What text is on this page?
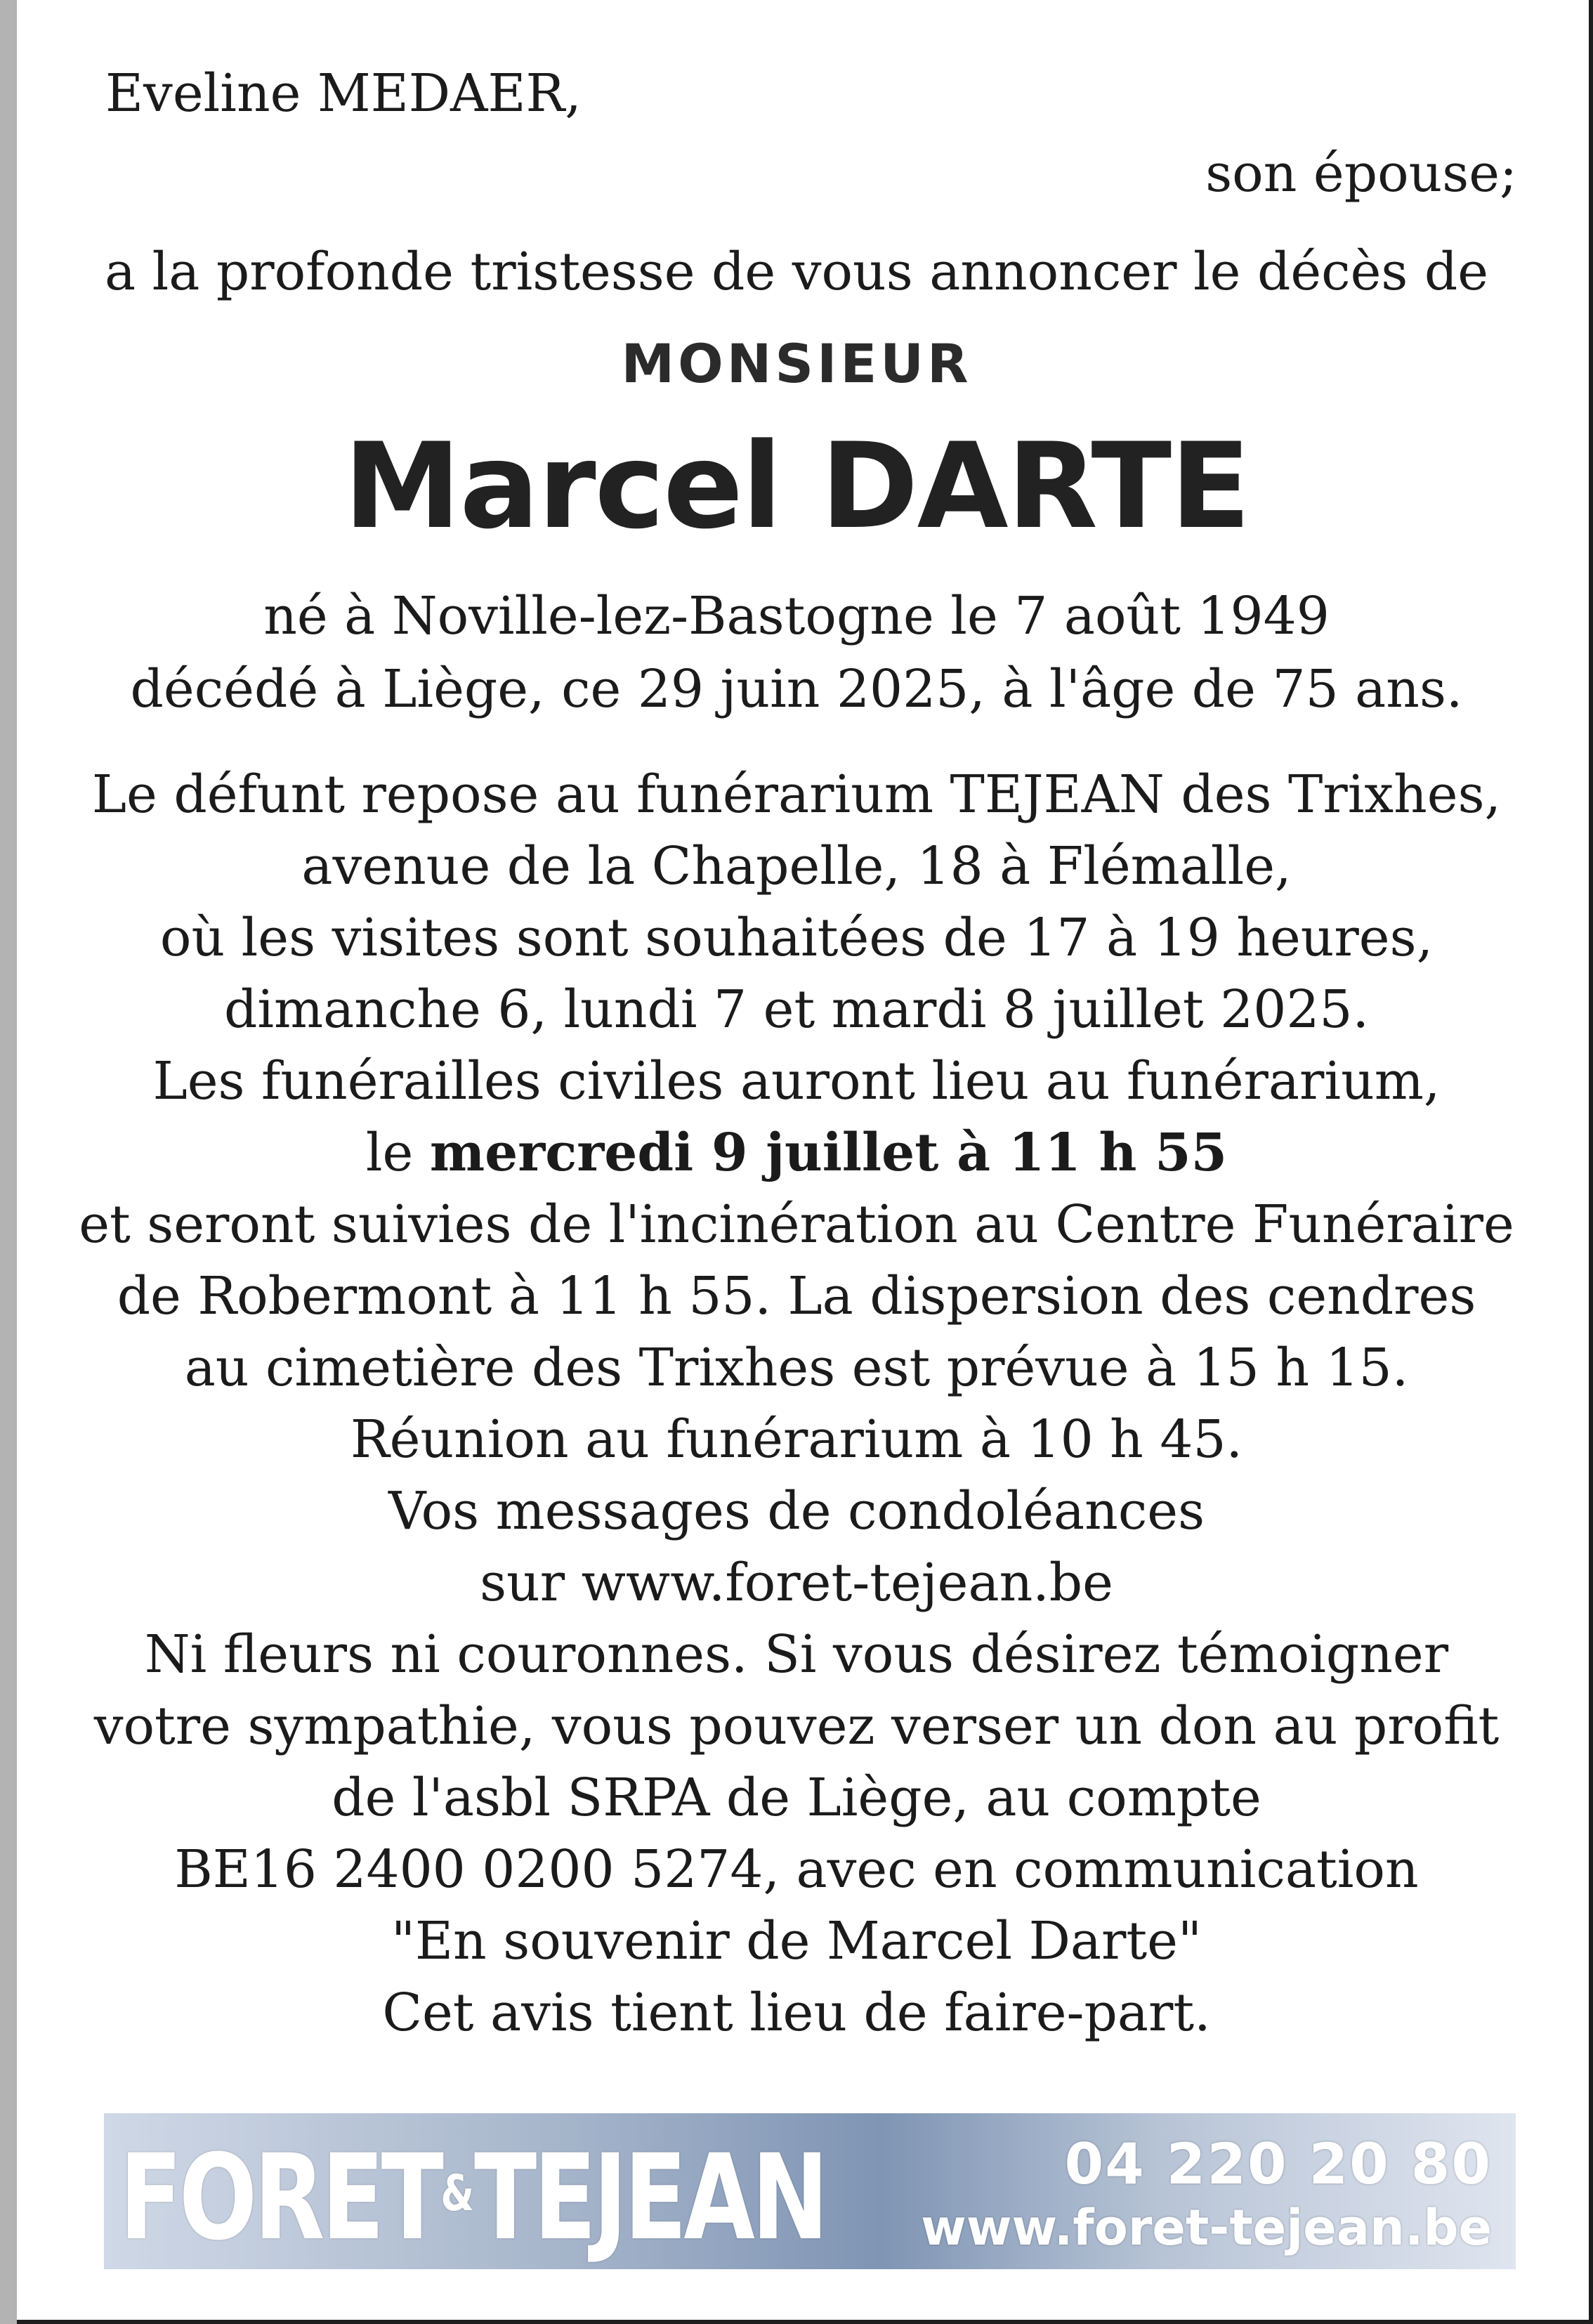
Eveline MEDAER,
son épouse;
a la profonde tristesse de vous annoncer le décès de
MONSIEUR
Marcel DARTE
né à Noville-lez-Bastogne le 7 août 1949
décédé à Liège, ce 29 juin 2025, à l'âge de 75 ans.
Le défunt repose au funérarium TEJEAN des Trixhes,
avenue de la Chapelle, 18 à Flémalle,
où les visites sont souhaitées de 17 à 19 heures,
dimanche 6, lundi 7 et mardi 8 juillet 2025.
Les funérailles civiles auront lieu au funérarium,
le mercredi 9 juillet à 11 h 55
et seront suivies de l'incinération au Centre Funéraire
de Robermont à 11 h 55. La dispersion des cendres
au cimetière des Trixhes est prévue à 15 h 15.
Réunion au funérarium à 10 h 45.
Vos messages de condoléances
sur www.foret-tejean.be
Ni fleurs ni couronnes. Si vous désirez témoigner
votre sympathie, vous pouvez verser un don au profit
de l'asbl SRPA de Liège, au compte
BE16 2400 0200 5274, avec en communication
"En souvenir de Marcel Darte"
Cet avis tient lieu de faire-part.
FORET&TEJEAN	04 220 20 80
www.foret-tejean.be
